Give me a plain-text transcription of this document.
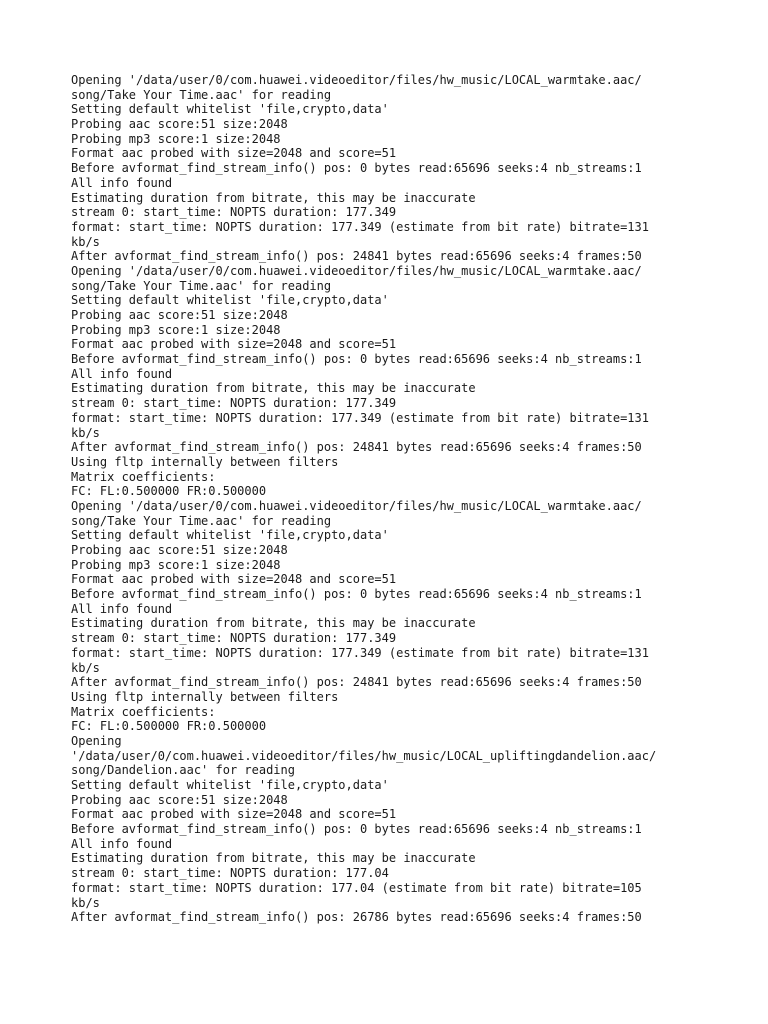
Opening '/data/user/0/com.huawei.videoeditor/files/hw_music/LOCAL_warmtake.aac/
song/Take Your Time.aac' for reading
Setting default whitelist 'file,crypto,data'
Probing aac score:51 size:2048
Probing mp3 score:1 size:2048
Format aac probed with size=2048 and score=51
Before avformat_find_stream_info() pos: 0 bytes read:65696 seeks:4 nb_streams:1
All info found
Estimating duration from bitrate, this may be inaccurate
stream 0: start_time: NOPTS duration: 177.349
format: start_time: NOPTS duration: 177.349 (estimate from bit rate) bitrate=131
kb/s
After avformat_find_stream_info() pos: 24841 bytes read:65696 seeks:4 frames:50
Opening '/data/user/0/com.huawei.videoeditor/files/hw_music/LOCAL_warmtake.aac/
song/Take Your Time.aac' for reading
Setting default whitelist 'file,crypto,data'
Probing aac score:51 size:2048
Probing mp3 score:1 size:2048
Format aac probed with size=2048 and score=51
Before avformat_find_stream_info() pos: 0 bytes read:65696 seeks:4 nb_streams:1
All info found
Estimating duration from bitrate, this may be inaccurate
stream 0: start_time: NOPTS duration: 177.349
format: start_time: NOPTS duration: 177.349 (estimate from bit rate) bitrate=131
kb/s
After avformat_find_stream_info() pos: 24841 bytes read:65696 seeks:4 frames:50
Using fltp internally between filters
Matrix coefficients:
FC: FL:0.500000 FR:0.500000
Opening '/data/user/0/com.huawei.videoeditor/files/hw_music/LOCAL_warmtake.aac/
song/Take Your Time.aac' for reading
Setting default whitelist 'file,crypto,data'
Probing aac score:51 size:2048
Probing mp3 score:1 size:2048
Format aac probed with size=2048 and score=51
Before avformat_find_stream_info() pos: 0 bytes read:65696 seeks:4 nb_streams:1
All info found
Estimating duration from bitrate, this may be inaccurate
stream 0: start_time: NOPTS duration: 177.349
format: start_time: NOPTS duration: 177.349 (estimate from bit rate) bitrate=131
kb/s
After avformat_find_stream_info() pos: 24841 bytes read:65696 seeks:4 frames:50
Using fltp internally between filters
Matrix coefficients:
FC: FL:0.500000 FR:0.500000
Opening
'/data/user/0/com.huawei.videoeditor/files/hw_music/LOCAL_upliftingdandelion.aac/
song/Dandelion.aac' for reading
Setting default whitelist 'file,crypto,data'
Probing aac score:51 size:2048
Format aac probed with size=2048 and score=51
Before avformat_find_stream_info() pos: 0 bytes read:65696 seeks:4 nb_streams:1
All info found
Estimating duration from bitrate, this may be inaccurate
stream 0: start_time: NOPTS duration: 177.04
format: start_time: NOPTS duration: 177.04 (estimate from bit rate) bitrate=105
kb/s
After avformat_find_stream_info() pos: 26786 bytes read:65696 seeks:4 frames:50
